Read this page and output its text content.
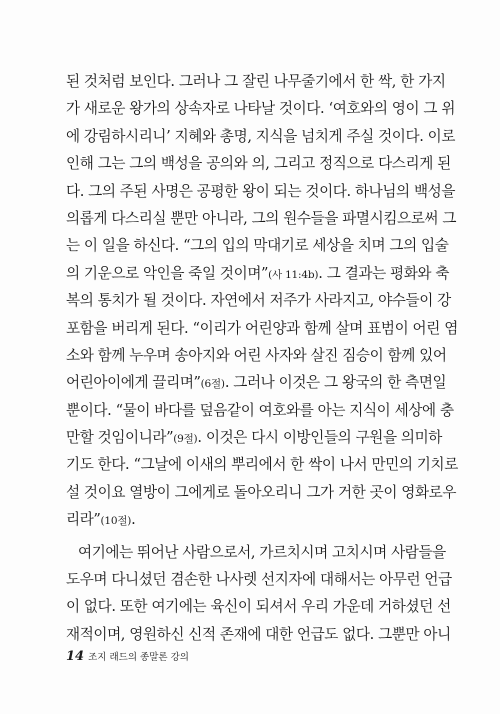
된 것처럼 보인다. 그러나 그 잘린 나무줄기에서 한 싹, 한 가지
가 새로운 왕가의 상속자로 나타날 것이다. ‘여호와의 영이 그 위
에 강림하시리니’ 지혜와 총명, 지식을 넘치게 주실 것이다. 이로
인해 그는 그의 백성을 공의와 의, 그리고 정직으로 다스리게 된
다. 그의 주된 사명은 공평한 왕이 되는 것이다. 하나님의 백성을
의롭게 다스리실 뿐만 아니라, 그의 원수들을 파멸시킴으로써 그
는 이 일을 하신다. “그의 입의 막대기로 세상을 치며 그의 입술
의 기운으로 악인을 죽일 것이며”(사 11:4b). 그 결과는 평화와 축
복의 통치가 될 것이다. 자연에서 저주가 사라지고, 야수들이 강
포함을 버리게 된다. “이리가 어린양과 함께 살며 표범이 어린 염
소와 함께 누우며 송아지와 어린 사자와 살진 짐승이 함께 있어
어린아이에게 끌리며”(6절). 그러나 이것은 그 왕국의 한 측면일
뿐이다. “물이 바다를 덮음같이 여호와를 아는 지식이 세상에 충
만할 것임이니라”(9절). 이것은 다시 이방인들의 구원을 의미하
기도 한다. “그날에 이새의 뿌리에서 한 싹이 나서 만민의 기치로
설 것이요 열방이 그에게로 돌아오리니 그가 거한 곳이 영화로우
리라”(10절).
여기에는 뛰어난 사람으로서, 가르치시며 고치시며 사람들을
도우며 다니셨던 겸손한 나사렛 선지자에 대해서는 아무런 언급
이 없다. 또한 여기에는 육신이 되셔서 우리 가운데 거하셨던 선
재적이며, 영원하신 신적 존재에 대한 언급도 없다. 그뿐만 아니
14 조지 래드의 종말론 강의
